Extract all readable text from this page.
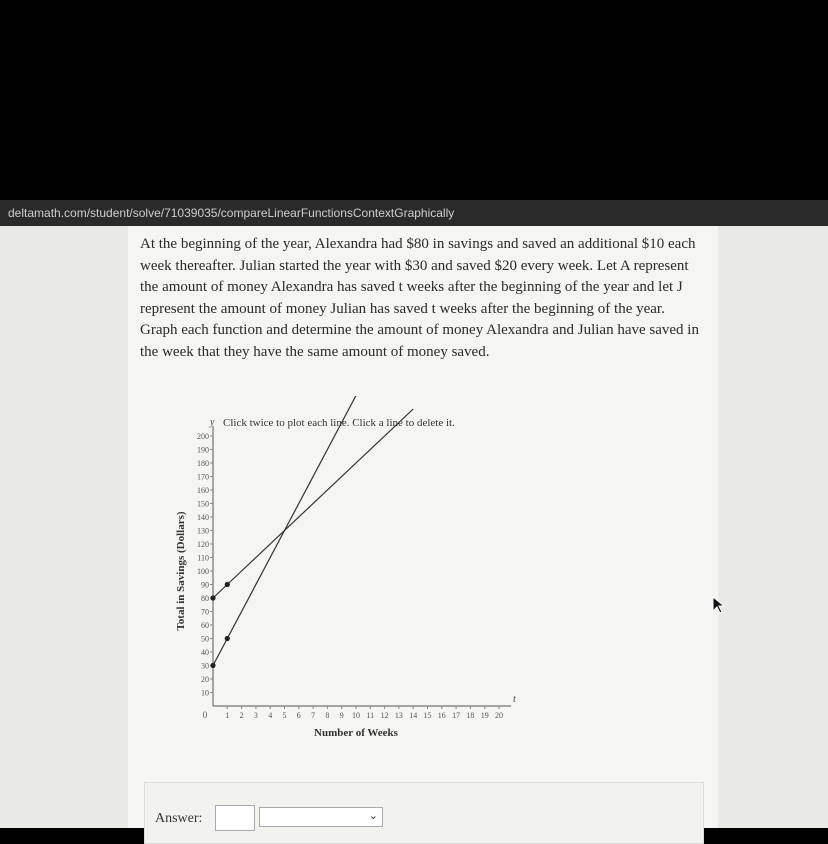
deltamath.com/student/solve/71039035/compareLinearFunctionsContextGraphically
At the beginning of the year, Alexandra had $80 in savings and saved an additional $10 each week thereafter. Julian started the year with $30 and saved $20 every week. Let A represent the amount of money Alexandra has saved t weeks after the beginning of the year and let J represent the amount of money Julian has saved t weeks after the beginning of the year. Graph each function and determine the amount of money Alexandra and Julian have saved in the week that they have the same amount of money saved.
y
t
Click twice to plot each line. Click a line to delete it.
10
20
30
40
50
60
70
80
90
100
110
120
130
140
150
160
170
180
190
200
1 2 3 4 5 6 7 8 9 10 11 12 13 14 15 16 17 18 19 20
0
Number of Weeks
Total in Savings (Dollars)
Answer:	⌄
